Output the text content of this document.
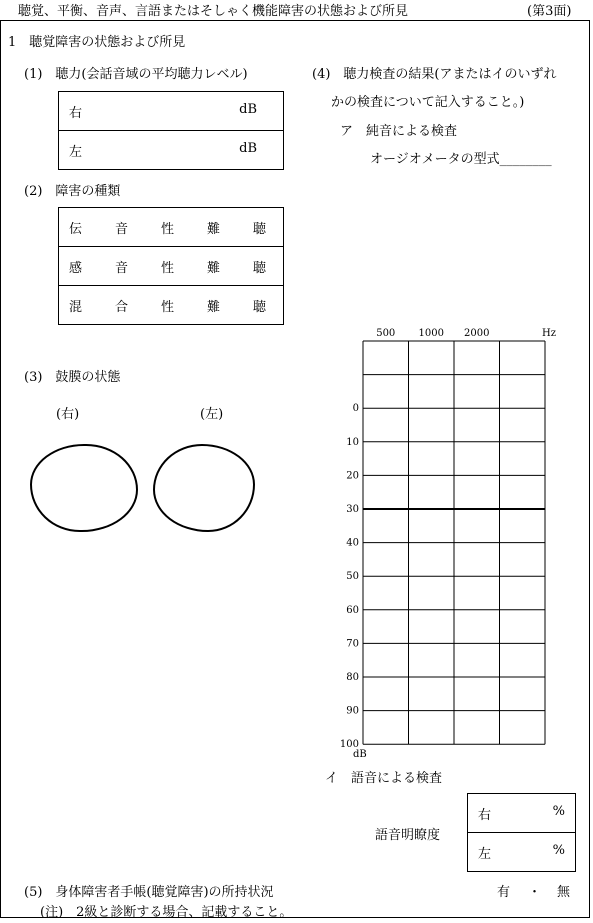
聴覚、平衡、音声、言語またはそしゃく機能障害の状態および所見	(第3面)
1　聴覚障害の状態および所見
(1)　聴力(会話音域の平均聴力レベル)
右	dB

左	dB
(2)　障害の種類
伝	音	性	難	聴
感	音	性	難	聴
混	合	性	難	聴
(3)　鼓膜の状態
(右)	(左)
(4)　聴力検査の結果(アまたはイのいずれ
かの検査について記入すること。)
ア　純音による検査
オージオメータの型式________
500 1000 2000	Hz
0
10
20
30
40
50
60
70
80
90
100
dB
イ　語音による検査
語音明瞭度
右	%

左	%
(5)　身体障害者手帳(聴覚障害)の所持状況	有 ・ 無
(注)　2級と診断する場合、記載すること。
